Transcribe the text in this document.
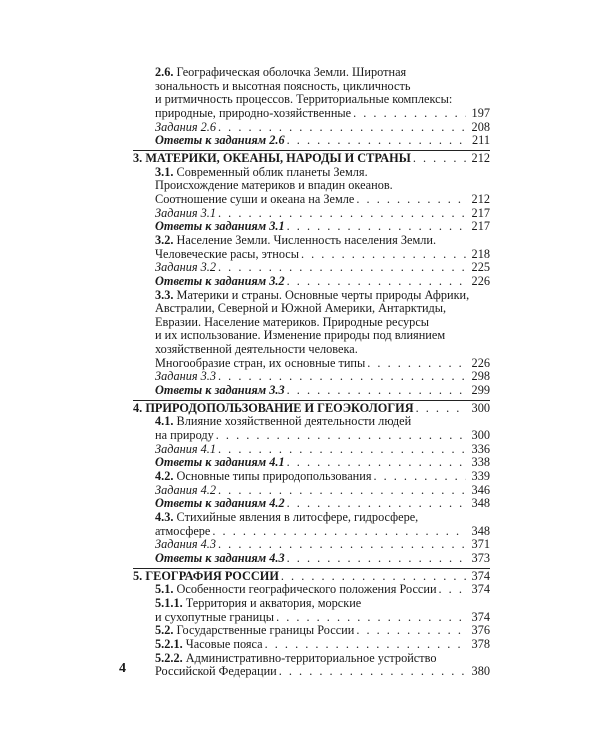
2.6. Географическая оболочка Земли. Широтная
зональность и высотная поясность, цикличность
и ритмичность процессов. Территориальные комплексы:
природные, природно-хозяйственные . . .	197
Задания 2.6 . . .	208
Ответы к заданиям 2.6 . . .	211
3. МАТЕРИКИ, ОКЕАНЫ, НАРОДЫ И СТРАНЫ . . .	212
3.1. Современный облик планеты Земля.
Происхождение материков и впадин океанов.
Соотношение суши и океана на Земле . . .	212
Задания 3.1 . . .	217
Ответы к заданиям 3.1 . . .	217
3.2. Население Земли. Численность населения Земли.
Человеческие расы, этносы . . .	218
Задания 3.2 . . .	225
Ответы к заданиям 3.2 . . .	226
3.3. Материки и страны. Основные черты природы Африки,
Австралии, Северной и Южной Америки, Антарктиды,
Евразии. Население материков. Природные ресурсы
и их использование. Изменение природы под влиянием
хозяйственной деятельности человека.
Многообразие стран, их основные типы . . .	226
Задания 3.3 . . .	298
Ответы к заданиям 3.3 . . .	299
4. ПРИРОДОПОЛЬЗОВАНИЕ И ГЕОЭКОЛОГИЯ . . .	300
4.1. Влияние хозяйственной деятельности людей
на природу . . .	300
Задания 4.1 . . .	336
Ответы к заданиям 4.1 . . .	338
4.2. Основные типы природопользования . . .	339
Задания 4.2 . . .	346
Ответы к заданиям 4.2 . . .	348
4.3. Стихийные явления в литосфере, гидросфере,
атмосфере . . .	348
Задания 4.3 . . .	371
Ответы к заданиям 4.3 . . .	373
5. ГЕОГРАФИЯ РОССИИ . . .	374
5.1. Особенности географического положения России . . .	374
5.1.1. Территория и акватория, морские
и сухопутные границы . . .	374
5.2. Государственные границы России . . .	376
5.2.1. Часовые пояса . . .	378
5.2.2. Административно-территориальное устройство
Российской Федерации . . .	380
4
